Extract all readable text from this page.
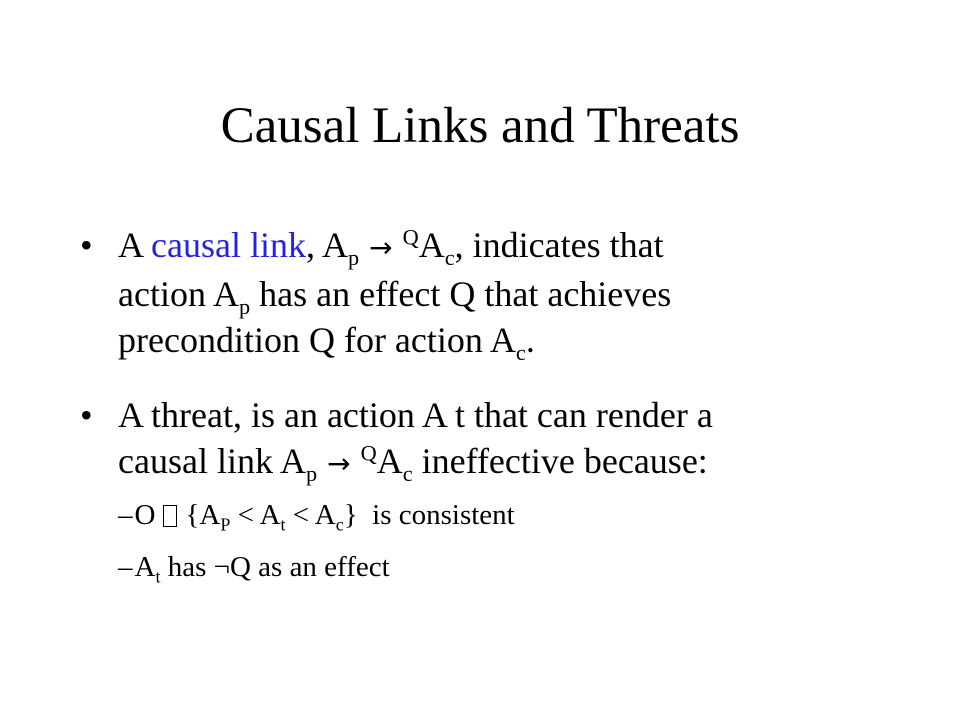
Causal Links and Threats
• A causal link, $A_p \to ^QA_c$, indicates that
action $A_p$ has an effect Q that achieves
precondition Q for action $A_c$.
• A threat, is an action A t that can render a
causal link $A_p \to ^QA_c$ ineffective because:
–O $\{A_P < A_t < A_c\}$  is consistent
$-A_t$ has ¬Q as an effect
